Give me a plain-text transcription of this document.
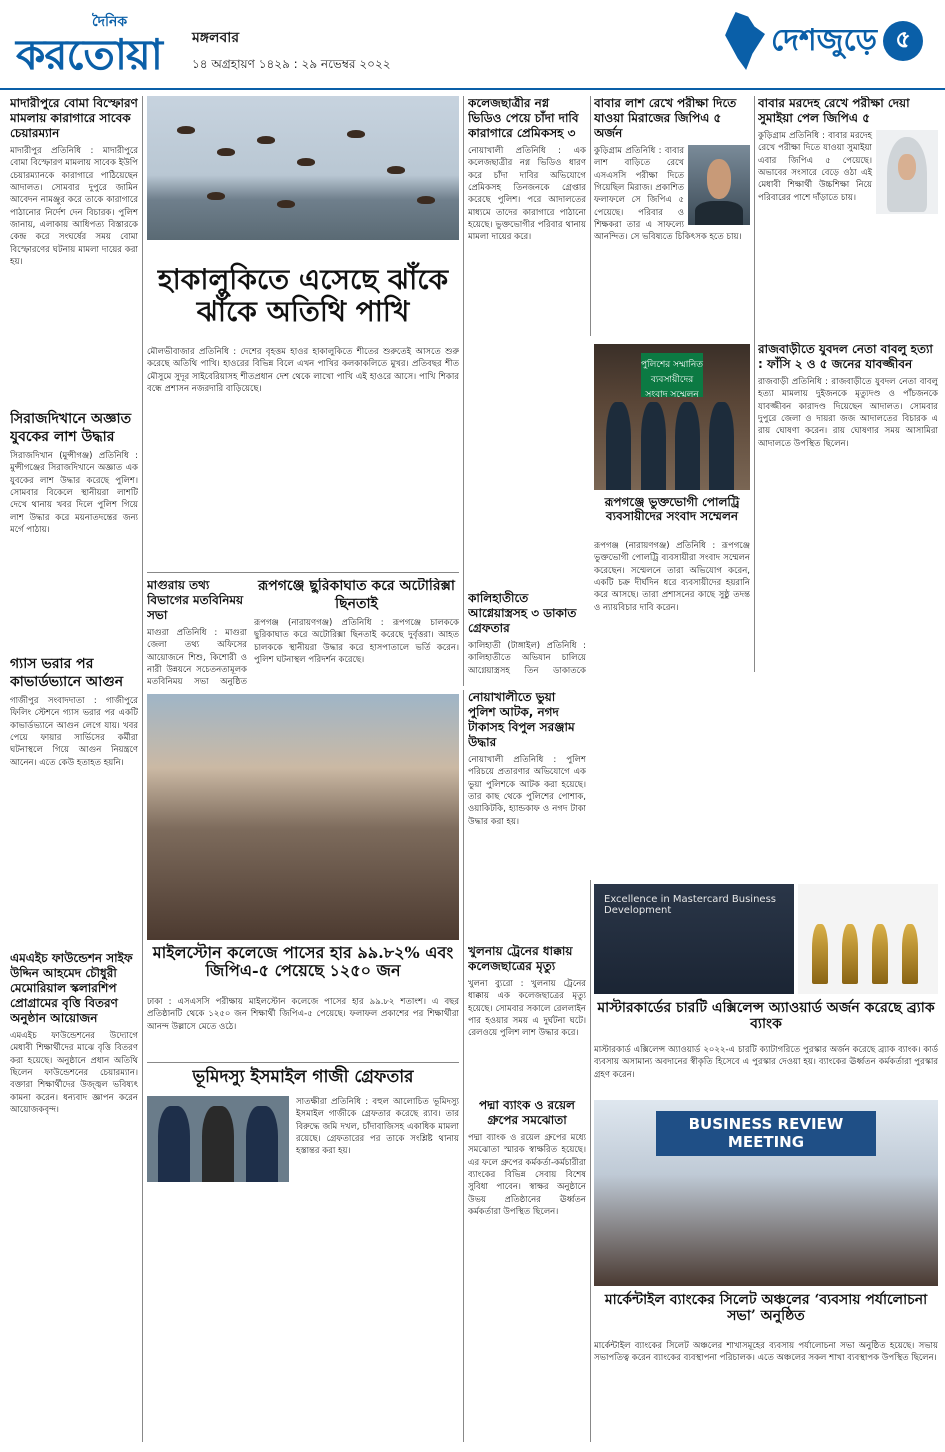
দৈনিক
করতোয়া মঙ্গলবার
১৪ অগ্রহায়ণ ১৪২৯ : ২৯ নভেম্বর ২০২২
দেশজুড়ে ৫

মাদারীপুরে বোমা বিস্ফোরণ মামলায় কারাগারে সাবেক চেয়ারম্যান

মাদারীপুর প্রতিনিধি : মাদারীপুরে বোমা বিস্ফোরণ মামলায় সাবেক ইউপি চেয়ারম্যানকে কারাগারে পাঠিয়েছেন আদালত। সোমবার দুপুরে জামিন আবেদন নামঞ্জুর করে তাকে কারাগারে পাঠানোর নির্দেশ দেন বিচারক। পুলিশ জানায়, এলাকায় আধিপত্য বিস্তারকে কেন্দ্র করে সংঘর্ষের সময় বোমা বিস্ফোরণের ঘটনায় মামলা দায়ের করা হয়।

সিরাজদিখানে অজ্ঞাত যুবকের লাশ উদ্ধার

সিরাজদিখান (মুন্সীগঞ্জ) প্রতিনিধি : মুন্সীগঞ্জের সিরাজদিখানে অজ্ঞাত এক যুবকের লাশ উদ্ধার করেছে পুলিশ। সোমবার বিকেলে স্থানীয়রা লাশটি দেখে থানায় খবর দিলে পুলিশ গিয়ে লাশ উদ্ধার করে ময়নাতদন্তের জন্য মর্গে পাঠায়।

গ্যাস ভরার পর কাভার্ডভ্যানে আগুন

গাজীপুর সংবাদদাতা : গাজীপুরে ফিলিং স্টেশনে গ্যাস ভরার পর একটি কাভার্ডভ্যানে আগুন লেগে যায়। খবর পেয়ে ফায়ার সার্ভিসের কর্মীরা ঘটনাস্থলে গিয়ে আগুন নিয়ন্ত্রণে আনেন। এতে কেউ হতাহত হয়নি।

এমএইচ ফাউন্ডেশন সাইফ উদ্দিন আহমেদ চৌধুরী মেমোরিয়াল স্কলারশিপ প্রোগ্রামের বৃত্তি বিতরণ অনুষ্ঠান আয়োজন

এমএইচ ফাউন্ডেশনের উদ্যোগে মেধাবী শিক্ষার্থীদের মাঝে বৃত্তি বিতরণ করা হয়েছে। অনুষ্ঠানে প্রধান অতিথি ছিলেন ফাউন্ডেশনের চেয়ারম্যান। বক্তারা শিক্ষার্থীদের উজ্জ্বল ভবিষ্যৎ কামনা করেন। ধন্যবাদ জ্ঞাপন করেন আয়োজকবৃন্দ।

হাকালুকিতে এসেছে ঝাঁকে ঝাঁকে অতিথি পাখি

মৌলভীবাজার প্রতিনিধি : দেশের বৃহত্তম হাওর হাকালুকিতে শীতের শুরুতেই আসতে শুরু করেছে অতিথি পাখি। হাওরের বিভিন্ন বিলে এখন পাখির কলকাকলিতে মুখর। প্রতিবছর শীত মৌসুমে সুদূর সাইবেরিয়াসহ শীতপ্রধান দেশ থেকে লাখো পাখি এই হাওরে আসে। পাখি শিকার বন্ধে প্রশাসন নজরদারি বাড়িয়েছে।

কলেজছাত্রীর নগ্ন ভিডিও পেয়ে চাঁদা দাবি কারাগারে প্রেমিকসহ ৩

নোয়াখালী প্রতিনিধি : এক কলেজছাত্রীর নগ্ন ভিডিও ধারণ করে চাঁদা দাবির অভিযোগে প্রেমিকসহ তিনজনকে গ্রেপ্তার করেছে পুলিশ। পরে আদালতের মাধ্যমে তাদের কারাগারে পাঠানো হয়েছে। ভুক্তভোগীর পরিবার থানায় মামলা দায়ের করে।

কালিহাতীতে আগ্নেয়াস্ত্রসহ ৩ ডাকাত গ্রেফতার

কালিহাতী (টাঙ্গাইল) প্রতিনিধি : কালিহাতীতে অভিযান চালিয়ে আগ্নেয়াস্ত্রসহ তিন ডাকাতকে

বাবার লাশ রেখে পরীক্ষা দিতে যাওয়া মিরাজের জিপিএ ৫ অর্জন

কুড়িগ্রাম প্রতিনিধি : বাবার লাশ বাড়িতে রেখে এসএসসি পরীক্ষা দিতে গিয়েছিল মিরাজ। প্রকাশিত ফলাফলে সে জিপিএ ৫ পেয়েছে। পরিবার ও শিক্ষকরা তার এ সাফল্যে আনন্দিত। সে ভবিষ্যতে চিকিৎসক হতে চায়।

বাবার মরদেহ রেখে পরীক্ষা দেয়া সুমাইয়া পেল জিপিএ ৫

কুড়িগ্রাম প্রতিনিধি : বাবার মরদেহ রেখে পরীক্ষা দিতে যাওয়া সুমাইয়া এবার জিপিএ ৫ পেয়েছে। অভাবের সংসারে বেড়ে ওঠা এই মেধাবী শিক্ষার্থী উচ্চশিক্ষা নিয়ে পরিবারের পাশে দাঁড়াতে চায়।

রাজবাড়ীতে যুবদল নেতা বাবলু হত্যা : ফাঁসি ২ ও ৫ জনের যাবজ্জীবন

রাজবাড়ী প্রতিনিধি : রাজবাড়ীতে যুবদল নেতা বাবলু হত্যা মামলায় দুইজনকে মৃত্যুদণ্ড ও পাঁচজনকে যাবজ্জীবন কারাদণ্ড দিয়েছেন আদালত। সোমবার দুপুরে জেলা ও দায়রা জজ আদালতের বিচারক এ রায় ঘোষণা করেন। রায় ঘোষণার সময় আসামিরা আদালতে উপস্থিত ছিলেন।

পুলিশের সম্মানিত ব্যবসায়ীদের সংবাদ সম্মেলন
রূপগঞ্জে ভুক্তভোগী পোলট্রি ব্যবসায়ীদের সংবাদ সম্মেলন

রূপগঞ্জ (নারায়ণগঞ্জ) প্রতিনিধি : রূপগঞ্জে ভুক্তভোগী পোলট্রি ব্যবসায়ীরা সংবাদ সম্মেলন করেছেন। সম্মেলনে তারা অভিযোগ করেন, একটি চক্র দীর্ঘদিন ধরে ব্যবসায়ীদের হয়রানি করে আসছে। তারা প্রশাসনের কাছে সুষ্ঠু তদন্ত ও ন্যায়বিচার দাবি করেন।

মাগুরায় তথ্য বিভাগের মতবিনিময় সভা

মাগুরা প্রতিনিধি : মাগুরা জেলা তথ্য অফিসের আয়োজনে শিশু, কিশোরী ও নারী উন্নয়নে সচেতনতামূলক মতবিনিময় সভা অনুষ্ঠিত

রূপগঞ্জে ছুরিকাঘাত করে অটোরিক্সা ছিনতাই

রূপগঞ্জ (নারায়ণগঞ্জ) প্রতিনিধি : রূপগঞ্জে চালককে ছুরিকাঘাত করে অটোরিক্সা ছিনতাই করেছে দুর্বৃত্তরা। আহত চালককে স্থানীয়রা উদ্ধার করে হাসপাতালে ভর্তি করেন। পুলিশ ঘটনাস্থল পরিদর্শন করেছে।

মাইলস্টোন কলেজে পাসের হার ৯৯.৮২% এবং জিপিএ-৫ পেয়েছে ১২৫০ জন

ঢাকা : এসএসসি পরীক্ষায় মাইলস্টোন কলেজে পাসের হার ৯৯.৮২ শতাংশ। এ বছর প্রতিষ্ঠানটি থেকে ১২৫০ জন শিক্ষার্থী জিপিএ-৫ পেয়েছে। ফলাফল প্রকাশের পর শিক্ষার্থীরা আনন্দ উল্লাসে মেতে ওঠে।

ভূমিদস্যু ইসমাইল গাজী গ্রেফতার

সাতক্ষীরা প্রতিনিধি : বহুল আলোচিত ভূমিদস্যু ইসমাইল গাজীকে গ্রেফতার করেছে র‍্যাব। তার বিরুদ্ধে জমি দখল, চাঁদাবাজিসহ একাধিক মামলা রয়েছে। গ্রেফতারের পর তাকে সংশ্লিষ্ট থানায় হস্তান্তর করা হয়।

নোয়াখালীতে ভুয়া পুলিশ আটক, নগদ টাকাসহ বিপুল সরঞ্জাম উদ্ধার

নোয়াখালী প্রতিনিধি : পুলিশ পরিচয়ে প্রতারণার অভিযোগে এক ভুয়া পুলিশকে আটক করা হয়েছে। তার কাছ থেকে পুলিশের পোশাক, ওয়াকিটকি, হ্যান্ডকাফ ও নগদ টাকা উদ্ধার করা হয়।

খুলনায় ট্রেনের ধাক্কায় কলেজছাত্রের মৃত্যু

খুলনা ব্যুরো : খুলনায় ট্রেনের ধাক্কায় এক কলেজছাত্রের মৃত্যু হয়েছে। সোমবার সকালে রেললাইন পার হওয়ার সময় এ দুর্ঘটনা ঘটে। রেলওয়ে পুলিশ লাশ উদ্ধার করে।

পদ্মা ব্যাংক ও রয়েল গ্রুপের সমঝোতা

পদ্মা ব্যাংক ও রয়েল গ্রুপের মধ্যে সমঝোতা স্মারক স্বাক্ষরিত হয়েছে। এর ফলে গ্রুপের কর্মকর্তা-কর্মচারীরা ব্যাংকের বিভিন্ন সেবায় বিশেষ সুবিধা পাবেন। স্বাক্ষর অনুষ্ঠানে উভয় প্রতিষ্ঠানের ঊর্ধ্বতন কর্মকর্তারা উপস্থিত ছিলেন।

Excellence in Mastercard Business Development
মাস্টারকার্ডের চারটি এক্সিলেন্স অ্যাওয়ার্ড অর্জন করেছে ব্র্যাক ব্যাংক

মাস্টারকার্ড এক্সিলেন্স অ্যাওয়ার্ড ২০২২-এ চারটি ক্যাটাগরিতে পুরস্কার অর্জন করেছে ব্র্যাক ব্যাংক। কার্ড ব্যবসায় অসামান্য অবদানের স্বীকৃতি হিসেবে এ পুরস্কার দেওয়া হয়। ব্যাংকের ঊর্ধ্বতন কর্মকর্তারা পুরস্কার গ্রহণ করেন।

BUSINESS REVIEW MEETING
মার্কেন্টাইল ব্যাংকের সিলেট অঞ্চলের ‘ব্যবসায় পর্যালোচনা সভা’ অনুষ্ঠিত

মার্কেন্টাইল ব্যাংকের সিলেট অঞ্চলের শাখাসমূহের ব্যবসায় পর্যালোচনা সভা অনুষ্ঠিত হয়েছে। সভায় সভাপতিত্ব করেন ব্যাংকের ব্যবস্থাপনা পরিচালক। এতে অঞ্চলের সকল শাখা ব্যবস্থাপক উপস্থিত ছিলেন।
